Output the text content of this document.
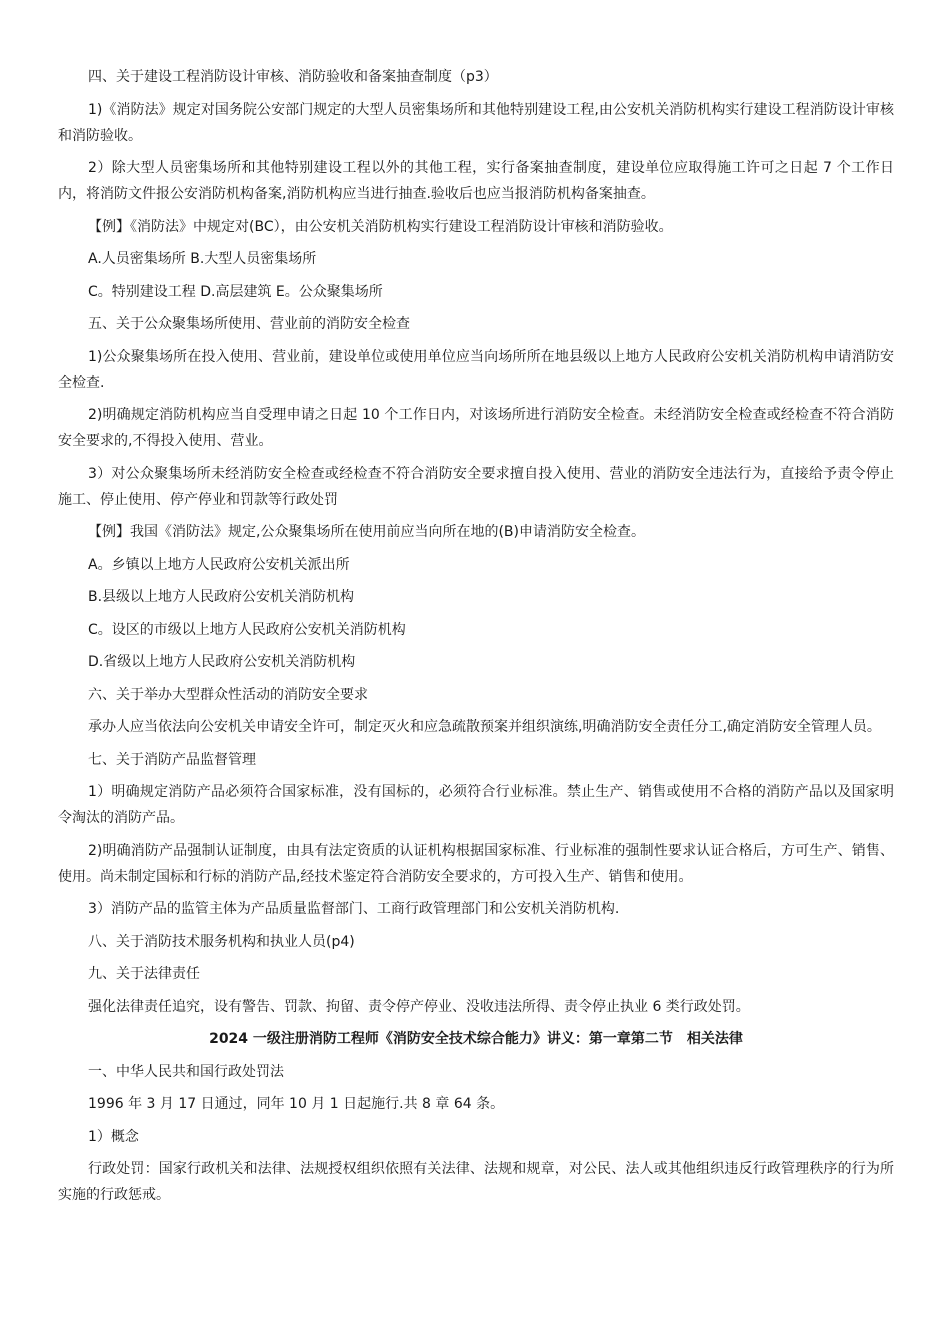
四、关于建设工程消防设计审核、消防验收和备案抽查制度（p3）

1)《消防法》规定对国务院公安部门规定的大型人员密集场所和其他特别建设工程,由公安机关消防机构实行建设工程消防设计审核和消防验收。

2）除大型人员密集场所和其他特别建设工程以外的其他工程，实行备案抽查制度，建设单位应取得施工许可之日起 7 个工作日内，将消防文件报公安消防机构备案,消防机构应当进行抽查.验收后也应当报消防机构备案抽查。

【例】《消防法》中规定对(BC），由公安机关消防机构实行建设工程消防设计审核和消防验收。

A.人员密集场所 B.大型人员密集场所

C。特别建设工程 D.高层建筑 E。公众聚集场所

五、关于公众聚集场所使用、营业前的消防安全检查

1)公众聚集场所在投入使用、营业前，建设单位或使用单位应当向场所所在地县级以上地方人民政府公安机关消防机构申请消防安全检查.

2)明确规定消防机构应当自受理申请之日起 10 个工作日内，对该场所进行消防安全检查。未经消防安全检查或经检查不符合消防安全要求的,不得投入使用、营业。

3）对公众聚集场所未经消防安全检查或经检查不符合消防安全要求擅自投入使用、营业的消防安全违法行为，直接给予责令停止施工、停止使用、停产停业和罚款等行政处罚

【例】我国《消防法》规定,公众聚集场所在使用前应当向所在地的(B)申请消防安全检查。

A。乡镇以上地方人民政府公安机关派出所

B.县级以上地方人民政府公安机关消防机构

C。设区的市级以上地方人民政府公安机关消防机构

D.省级以上地方人民政府公安机关消防机构

六、关于举办大型群众性活动的消防安全要求

承办人应当依法向公安机关申请安全许可，制定灭火和应急疏散预案并组织演练,明确消防安全责任分工,确定消防安全管理人员。

七、关于消防产品监督管理

1）明确规定消防产品必须符合国家标准，没有国标的，必须符合行业标准。禁止生产、销售或使用不合格的消防产品以及国家明令淘汰的消防产品。

2)明确消防产品强制认证制度，由具有法定资质的认证机构根据国家标准、行业标准的强制性要求认证合格后，方可生产、销售、使用。尚未制定国标和行标的消防产品,经技术鉴定符合消防安全要求的，方可投入生产、销售和使用。

3）消防产品的监管主体为产品质量监督部门、工商行政管理部门和公安机关消防机构.

八、关于消防技术服务机构和执业人员(p4)

九、关于法律责任

强化法律责任追究，设有警告、罚款、拘留、责令停产停业、没收违法所得、责令停止执业 6 类行政处罚。

2024 一级注册消防工程师《消防安全技术综合能力》讲义：第一章第二节　相关法律

一、中华人民共和国行政处罚法

1996 年 3 月 17 日通过，同年 10 月 1 日起施行.共 8 章 64 条。

1）概念

行政处罚：国家行政机关和法律、法规授权组织依照有关法律、法规和规章，对公民、法人或其他组织违反行政管理秩序的行为所实施的行政惩戒。
